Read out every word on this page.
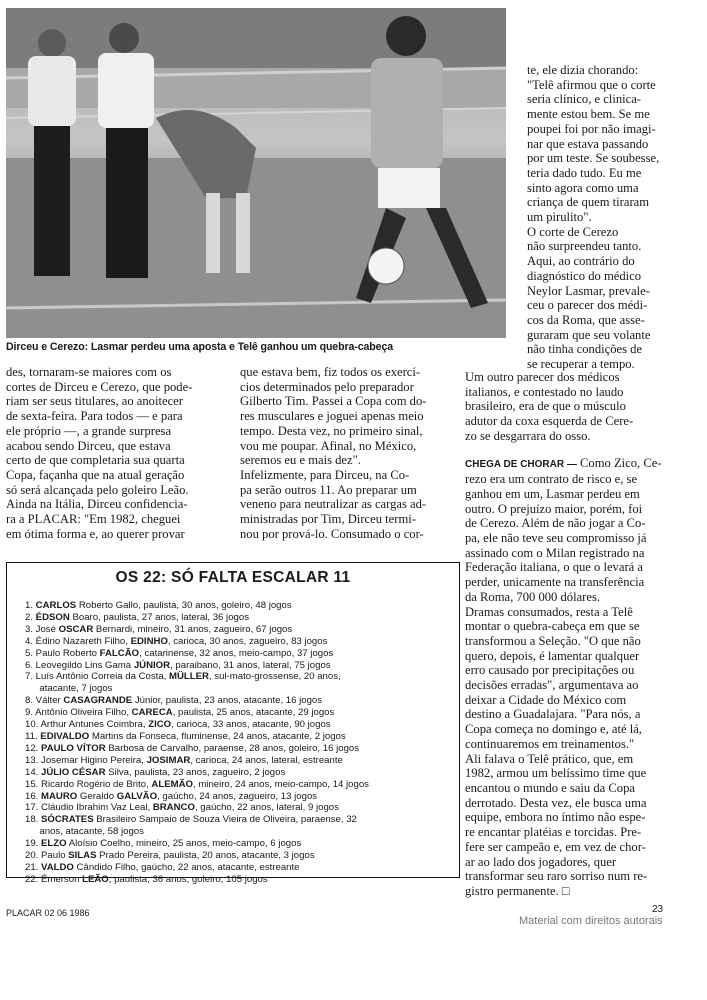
Dirceu e Cerezo: Lasmar perdeu uma aposta e Telê ganhou um quebra-cabeça

des, tornaram-se maiores com os
cortes de Dirceu e Cerezo, que pode-
riam ser seus titulares, ao anoitecer
de sexta-feira. Para todos — e para
ele próprio —, a grande surpresa
acabou sendo Dirceu, que estava
certo de que completaria sua quarta
Copa, façanha que na atual geração
só será alcançada pelo goleiro Leão.
Ainda na Itália, Dirceu confidencia-
ra a PLACAR: "Em 1982, cheguei
em ótima forma e, ao querer provar

que estava bem, fiz todos os exercí-
cios determinados pelo preparador
Gilberto Tim. Passei a Copa com do-
res musculares e joguei apenas meio
tempo. Desta vez, no primeiro sinal,
vou me poupar. Afinal, no México,
seremos eu e mais dez".
Infelizmente, para Dirceu, na Co-
pa serão outros 11. Ao preparar um
veneno para neutralizar as cargas ad-
ministradas por Tim, Dirceu termi-
nou por prová-lo. Consumado o cor-

te, ele dizia chorando:
"Telê afirmou que o corte
seria clínico, e clinica-
mente estou bem. Se me
poupei foi por não imagi-
nar que estava passando
por um teste. Se soubesse,
teria dado tudo. Eu me
sinto agora como uma
criança de quem tiraram
um pirulito".
O corte de Cerezo
não surpreendeu tanto.
Aqui, ao contrário do
diagnóstico do médico
Neylor Lasmar, prevale-
ceu o parecer dos médi-
cos da Roma, que asse-
guraram que seu volante
não tinha condições de
se recuperar a tempo.

Um outro parecer dos médicos
italianos, e contestado no laudo
brasileiro, era de que o músculo
adutor da coxa esquerda de Cere-
zo se desgarrara do osso.

CHEGA DE CHORAR — Como Zico, Ce-
rezo era um contrato de risco e, se
ganhou em um, Lasmar perdeu em
outro. O prejuízo maior, porém, foi
de Cerezo. Além de não jogar a Co-
pa, ele não teve seu compromisso já
assinado com o Milan registrado na
Federação italiana, o que o levará a
perder, unicamente na transferência
da Roma, 700 000 dólares.
Dramas consumados, resta a Telê
montar o quebra-cabeça em que se
transformou a Seleção. "O que não
quero, depois, é lamentar qualquer
erro causado por precipitações ou
decisões erradas", argumentava ao
deixar a Cidade do México com
destino a Guadalajara. "Para nós, a
Copa começa no domingo e, até lá,
continuaremos em treinamentos."
Ali falava o Telê prático, que, em
1982, armou um belíssimo time que
encantou o mundo e saiu da Copa
derrotado. Desta vez, ele busca uma
equipe, embora no íntimo não espe-
re encantar platéias e torcidas. Pre-
fere ser campeão e, em vez de chor-
ar ao lado dos jogadores, quer
transformar seu raro sorriso num re-
gistro permanente. □

OS 22: SÓ FALTA ESCALAR 11
1. CARLOS Roberto Gallo, paulista, 30 anos, goleiro, 48 jogos
2. ÉDSON Boaro, paulista, 27 anos, lateral, 36 jogos
3. José OSCAR Bernardi, mineiro, 31 anos, zagueiro, 67 jogos
4. Édino Nazareth Filho, EDINHO, carioca, 30 anos, zagueiro, 83 jogos
5. Paulo Roberto FALCÃO, catarinense, 32 anos, meio-campo, 37 jogos
6. Leovegildo Lins Gama JÚNIOR, paraibano, 31 anos, lateral, 75 jogos
7. Luís Antônio Correia da Costa, MÜLLER, sul-mato-grossense, 20 anos,
  atacante, 7 jogos
8. Válter CASAGRANDE Júnior, paulista, 23 anos, atacante, 16 jogos
9. Antônio Oliveira Filho, CARECA, paulista, 25 anos, atacante, 29 jogos
10. Arthur Antunes Coimbra, ZICO, carioca, 33 anos, atacante, 90 jogos
11. EDIVALDO Martins da Fonseca, fluminense, 24 anos, atacante, 2 jogos
12. PAULO VÍTOR Barbosa de Carvalho, paraense, 28 anos, goleiro, 16 jogos
13. Josemar Higino Pereira, JOSIMAR, carioca, 24 anos, lateral, estreante
14. JÚLIO CÉSAR Silva, paulista, 23 anos, zagueiro, 2 jogos
15. Ricardo Rogério de Brito, ALEMÃO, mineiro, 24 anos, meio-campo, 14 jogos
16. MAURO Geraldo GALVÃO, gaúcho, 24 anos, zagueiro, 13 jogos
17. Cláudio Ibrahim Vaz Leal, BRANCO, gaúcho, 22 anos, lateral, 9 jogos
18. SÓCRATES Brasileiro Sampaio de Souza Vieira de Oliveira, paraense, 32
  anos, atacante, 58 jogos
19. ELZO Aloísio Coelho, mineiro, 25 anos, meio-campo, 6 jogos
20. Paulo SILAS Prado Pereira, paulista, 20 anos, atacante, 3 jogos
21. VALDO Cândido Filho, gaúcho, 22 anos, atacante, estreante
22. Émerson LEÃO, paulista, 36 anos, goleiro, 105 jogos
PLACAR 02 06 1986	23
Material com direitos autorais
